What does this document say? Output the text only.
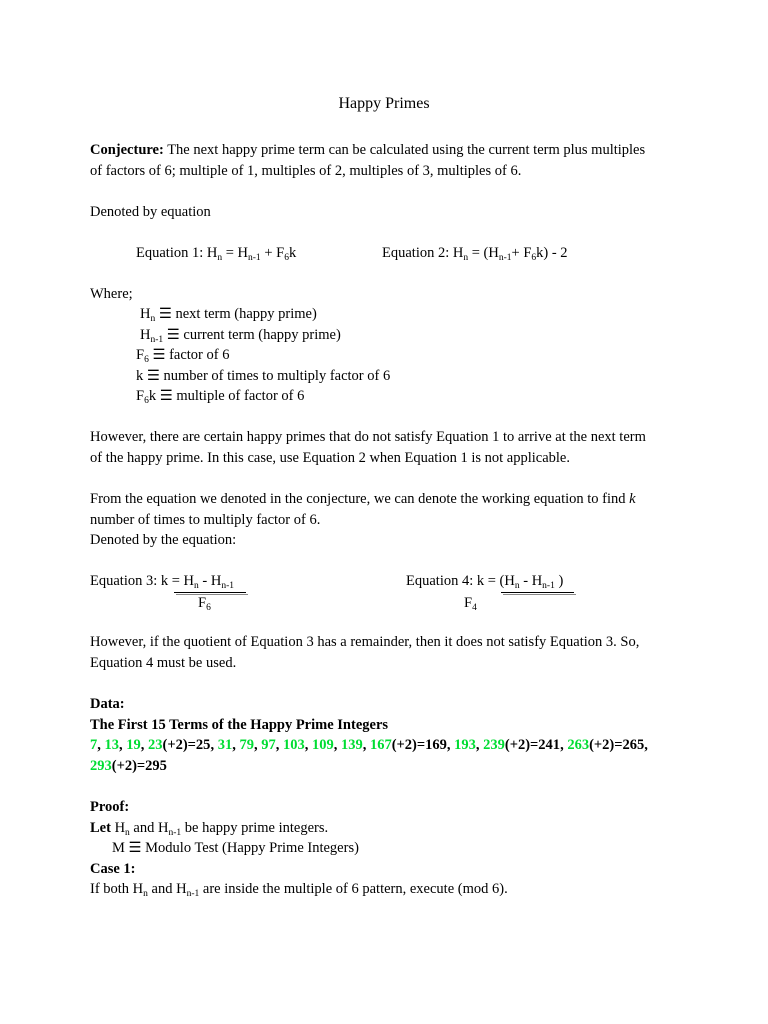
Happy Primes
Conjecture: The next happy prime term can be calculated using the current term plus multiples
of factors of 6; multiple of 1, multiples of 2, multiples of 3, multiples of 6.
Denoted by equation
Equation 1: $H_n = H_{n-1} + F_6k$	Equation 2: $H_n = (H_{n-1}+ F_6k) - 2$
Where;
$H_n$ ☰ next term (happy prime)
$H_{n-1}$ ☰ current term (happy prime)
$F_6$ ☰ factor of 6
k ☰ number of times to multiply factor of 6
$F_6k$ ☰ multiple of factor of 6
However, there are certain happy primes that do not satisfy Equation 1 to arrive at the next term
of the happy prime. In this case, use Equation 2 when Equation 1 is not applicable.
From the equation we denoted in the conjecture, we can denote the working equation to find k
number of times to multiply factor of 6.
Denoted by the equation:
Equation 3: $k = H_n - H_{n-1}$
$F_6$
Equation 4: $k = (H_n - H_{n-1}$ )
$F_4$
However, if the quotient of Equation 3 has a remainder, then it does not satisfy Equation 3. So,
Equation 4 must be used.
Data:
The First 15 Terms of the Happy Prime Integers
7, 13, 19, 23(+2)=25, 31, 79, 97, 103, 109, 139, 167(+2)=169, 193, 239(+2)=241, 263(+2)=265,
293(+2)=295
Proof:
Let $H_n$ and $H_{n-1}$ be happy prime integers.
M ☰ Modulo Test (Happy Prime Integers)
Case 1:
If both $H_n$ and $H_{n-1}$ are inside the multiple of 6 pattern, execute (mod 6).
